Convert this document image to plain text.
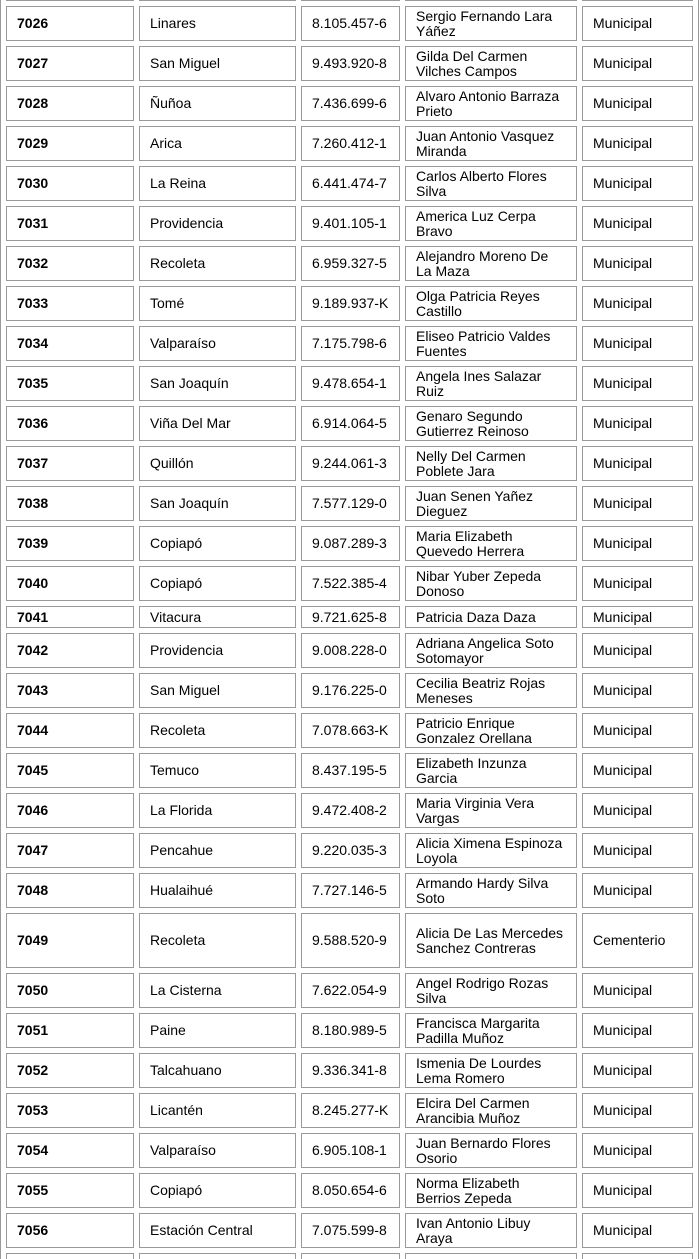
7026	Linares	8.105.457-6	Sergio Fernando Lara Yáñez	Municipal
7027	San Miguel	9.493.920-8	Gilda Del Carmen Vilches Campos	Municipal
7028	Ñuñoa	7.436.699-6	Alvaro Antonio Barraza Prieto	Municipal
7029	Arica	7.260.412-1	Juan Antonio Vasquez Miranda	Municipal
7030	La Reina	6.441.474-7	Carlos Alberto Flores Silva	Municipal
7031	Providencia	9.401.105-1	America Luz Cerpa Bravo	Municipal
7032	Recoleta	6.959.327-5	Alejandro Moreno De La Maza	Municipal
7033	Tomé	9.189.937-K	Olga Patricia Reyes Castillo	Municipal
7034	Valparaíso	7.175.798-6	Eliseo Patricio Valdes Fuentes	Municipal
7035	San Joaquín	9.478.654-1	Angela Ines Salazar Ruiz	Municipal
7036	Viña Del Mar	6.914.064-5	Genaro Segundo Gutierrez Reinoso	Municipal
7037	Quillón	9.244.061-3	Nelly Del Carmen Poblete Jara	Municipal
7038	San Joaquín	7.577.129-0	Juan Senen Yañez Dieguez	Municipal
7039	Copiapó	9.087.289-3	Maria Elizabeth Quevedo Herrera	Municipal
7040	Copiapó	7.522.385-4	Nibar Yuber Zepeda Donoso	Municipal
7041	Vitacura	9.721.625-8	Patricia Daza Daza	Municipal
7042	Providencia	9.008.228-0	Adriana Angelica Soto Sotomayor	Municipal
7043	San Miguel	9.176.225-0	Cecilia Beatriz Rojas Meneses	Municipal
7044	Recoleta	7.078.663-K	Patricio Enrique Gonzalez Orellana	Municipal
7045	Temuco	8.437.195-5	Elizabeth Inzunza Garcia	Municipal
7046	La Florida	9.472.408-2	Maria Virginia Vera Vargas	Municipal
7047	Pencahue	9.220.035-3	Alicia Ximena Espinoza Loyola	Municipal
7048	Hualaihué	7.727.146-5	Armando Hardy Silva Soto	Municipal
7049	Recoleta	9.588.520-9	Alicia De Las Mercedes Sanchez Contreras	Cementerio
7050	La Cisterna	7.622.054-9	Angel Rodrigo Rozas Silva	Municipal
7051	Paine	8.180.989-5	Francisca Margarita Padilla Muñoz	Municipal
7052	Talcahuano	9.336.341-8	Ismenia De Lourdes Lema Romero	Municipal
7053	Licantén	8.245.277-K	Elcira Del Carmen Arancibia Muñoz	Municipal
7054	Valparaíso	6.905.108-1	Juan Bernardo Flores Osorio	Municipal
7055	Copiapó	8.050.654-6	Norma Elizabeth Berrios Zepeda	Municipal
7056	Estación Central	7.075.599-8	Ivan Antonio Libuy Araya	Municipal
